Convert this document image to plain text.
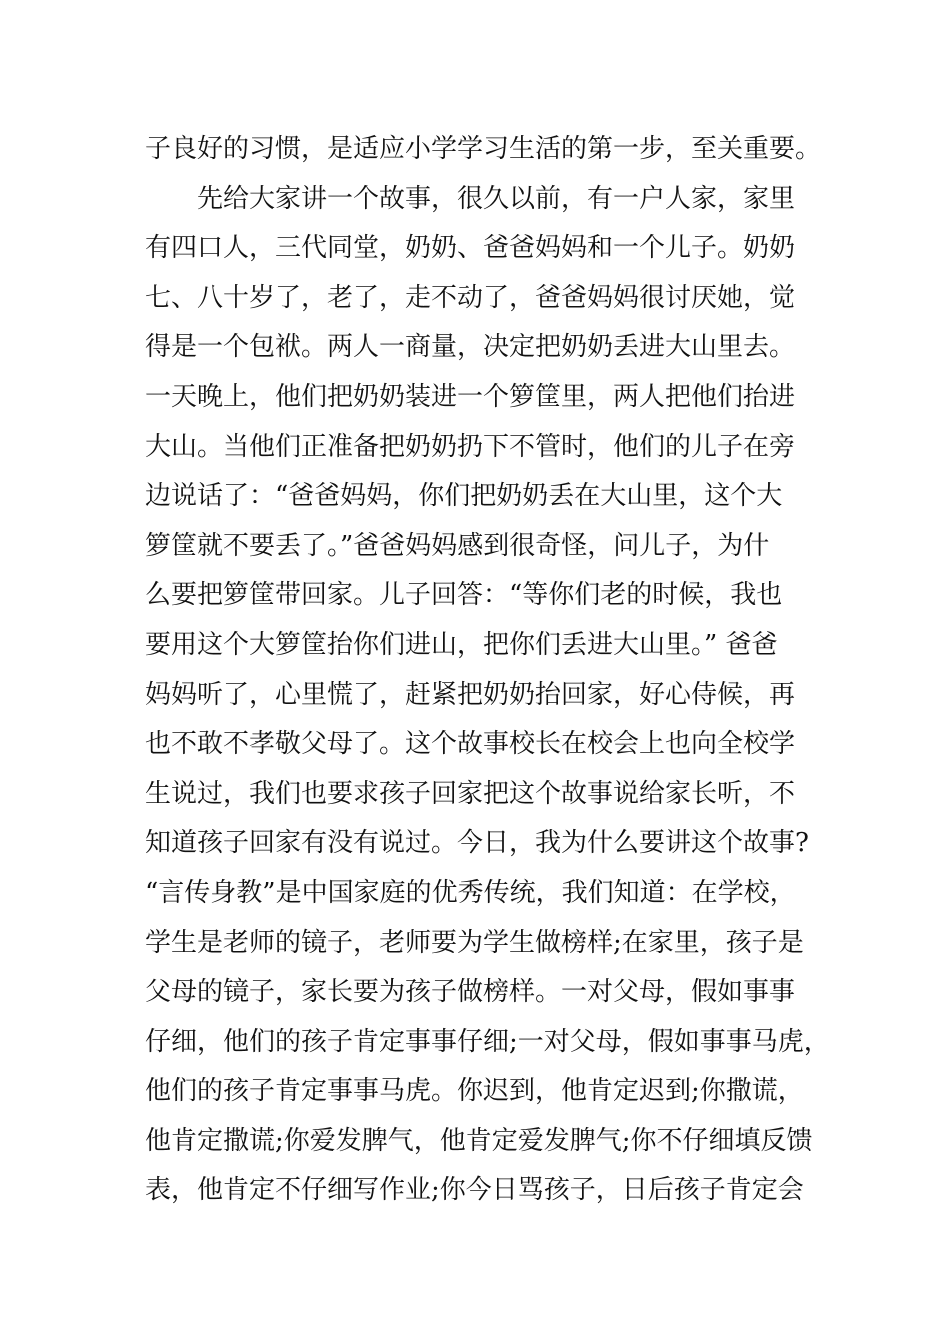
子良好的习惯，是适应小学学习生活的第一步，至关重要。
　　先给大家讲一个故事，很久以前，有一户人家，家里
有四口人，三代同堂，奶奶、爸爸妈妈和一个儿子。奶奶
七、八十岁了，老了，走不动了，爸爸妈妈很讨厌她，觉
得是一个包袱。两人一商量，决定把奶奶丢进大山里去。
一天晚上，他们把奶奶装进一个箩筐里，两人把他们抬进
大山。当他们正准备把奶奶扔下不管时，他们的儿子在旁
边说话了：“爸爸妈妈，你们把奶奶丢在大山里，这个大
箩筐就不要丢了。”爸爸妈妈感到很奇怪，问儿子，为什
么要把箩筐带回家。儿子回答：“等你们老的时候，我也
要用这个大箩筐抬你们进山，把你们丢进大山里。” 爸爸
妈妈听了，心里慌了，赶紧把奶奶抬回家，好心侍候，再
也不敢不孝敬父母了。这个故事校长在校会上也向全校学
生说过，我们也要求孩子回家把这个故事说给家长听，不
知道孩子回家有没有说过。今日，我为什么要讲这个故事?
“言传身教”是中国家庭的优秀传统，我们知道：在学校，
学生是老师的镜子，老师要为学生做榜样;在家里，孩子是
父母的镜子，家长要为孩子做榜样。一对父母，假如事事
仔细，他们的孩子肯定事事仔细;一对父母，假如事事马虎，
他们的孩子肯定事事马虎。你迟到，他肯定迟到;你撒谎，
他肯定撒谎;你爱发脾气，他肯定爱发脾气;你不仔细填反馈
表，他肯定不仔细写作业;你今日骂孩子，日后孩子肯定会
